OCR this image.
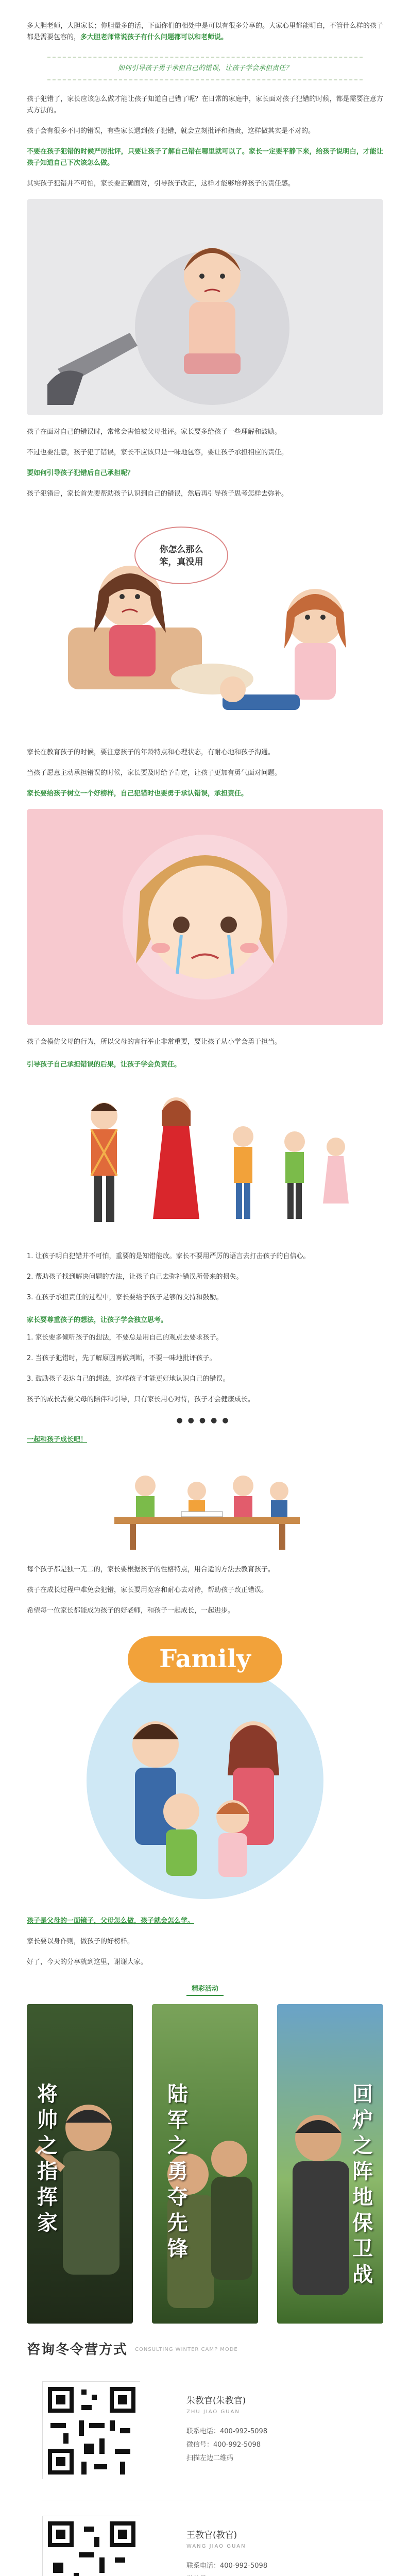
多大胆老师，大胆家长；你胆量多的话，下面你们的相处中是可以有很多分享的。大家心里都能明白，不管什么样的孩子都是需要包容的，多大胆老师常说孩子有什么问题都可以和老师说。

如何引导孩子勇于承担自己的错误，让孩子学会承担责任？

孩子犯错了，家长应该怎么做才能让孩子知道自己错了呢？在日常的家庭中，家长面对孩子犯错的时候，都是需要注意方式方法的。

孩子会有很多不同的错误，有些家长遇到孩子犯错，就会立刻批评和指责，这样做其实是不对的。

不要在孩子犯错的时候严厉批评，只要让孩子了解自己错在哪里就可以了。家长一定要平静下来，给孩子说明白，才能让孩子知道自己下次该怎么做。

其实孩子犯错并不可怕，家长要正确面对，引导孩子改正，这样才能够培养孩子的责任感。

孩子在面对自己的错误时，常常会害怕被父母批评。家长要多给孩子一些理解和鼓励。

不过也要注意，孩子犯了错误，家长不应该只是一味地包容，要让孩子承担相应的责任。

要如何引导孩子犯错后自己承担呢？

孩子犯错后，家长首先要帮助孩子认识到自己的错误，然后再引导孩子思考怎样去弥补。

你怎么那么
笨，真没用

家长在教育孩子的时候，要注意孩子的年龄特点和心理状态，有耐心地和孩子沟通。

当孩子愿意主动承担错误的时候，家长要及时给予肯定，让孩子更加有勇气面对问题。

家长要给孩子树立一个好榜样，自己犯错时也要勇于承认错误，承担责任。

孩子会模仿父母的行为，所以父母的言行举止非常重要，要让孩子从小学会勇于担当。

引导孩子自己承担错误的后果，让孩子学会负责任。

1. 让孩子明白犯错并不可怕，重要的是知错能改。家长不要用严厉的语言去打击孩子的自信心。

2. 帮助孩子找到解决问题的方法，让孩子自己去弥补错误所带来的损失。

3. 在孩子承担责任的过程中，家长要给予孩子足够的支持和鼓励。

家长要尊重孩子的想法，让孩子学会独立思考。

1. 家长要多倾听孩子的想法，不要总是用自己的观点去要求孩子。

2. 当孩子犯错时，先了解原因再做判断，不要一味地批评孩子。

3. 鼓励孩子表达自己的想法，这样孩子才能更好地认识自己的错误。

孩子的成长需要父母的陪伴和引导，只有家长用心对待，孩子才会健康成长。

●●●●●

一起和孩子成长吧！

每个孩子都是独一无二的，家长要根据孩子的性格特点，用合适的方法去教育孩子。

孩子在成长过程中难免会犯错，家长要用宽容和耐心去对待，帮助孩子改正错误。

希望每一位家长都能成为孩子的好老师，和孩子一起成长，一起进步。

Family

孩子是父母的一面镜子，父母怎么做，孩子就会怎么学。

家长要以身作则，做孩子的好榜样。

好了，今天的分享就到这里，谢谢大家。

精彩活动
将帅之指挥家
陆军之勇夺先锋
回炉之阵地保卫战
咨询冬令营方式 CONSULTING WINTER CAMP MODE
朱教官(朱教官)
ZHU JIAO GUAN
联系电话：400-992-5098
微信号：400-992-5098
扫描左边二维码
王教官(教官)
WANG JIAO GUAN
联系电话：400-992-5098
